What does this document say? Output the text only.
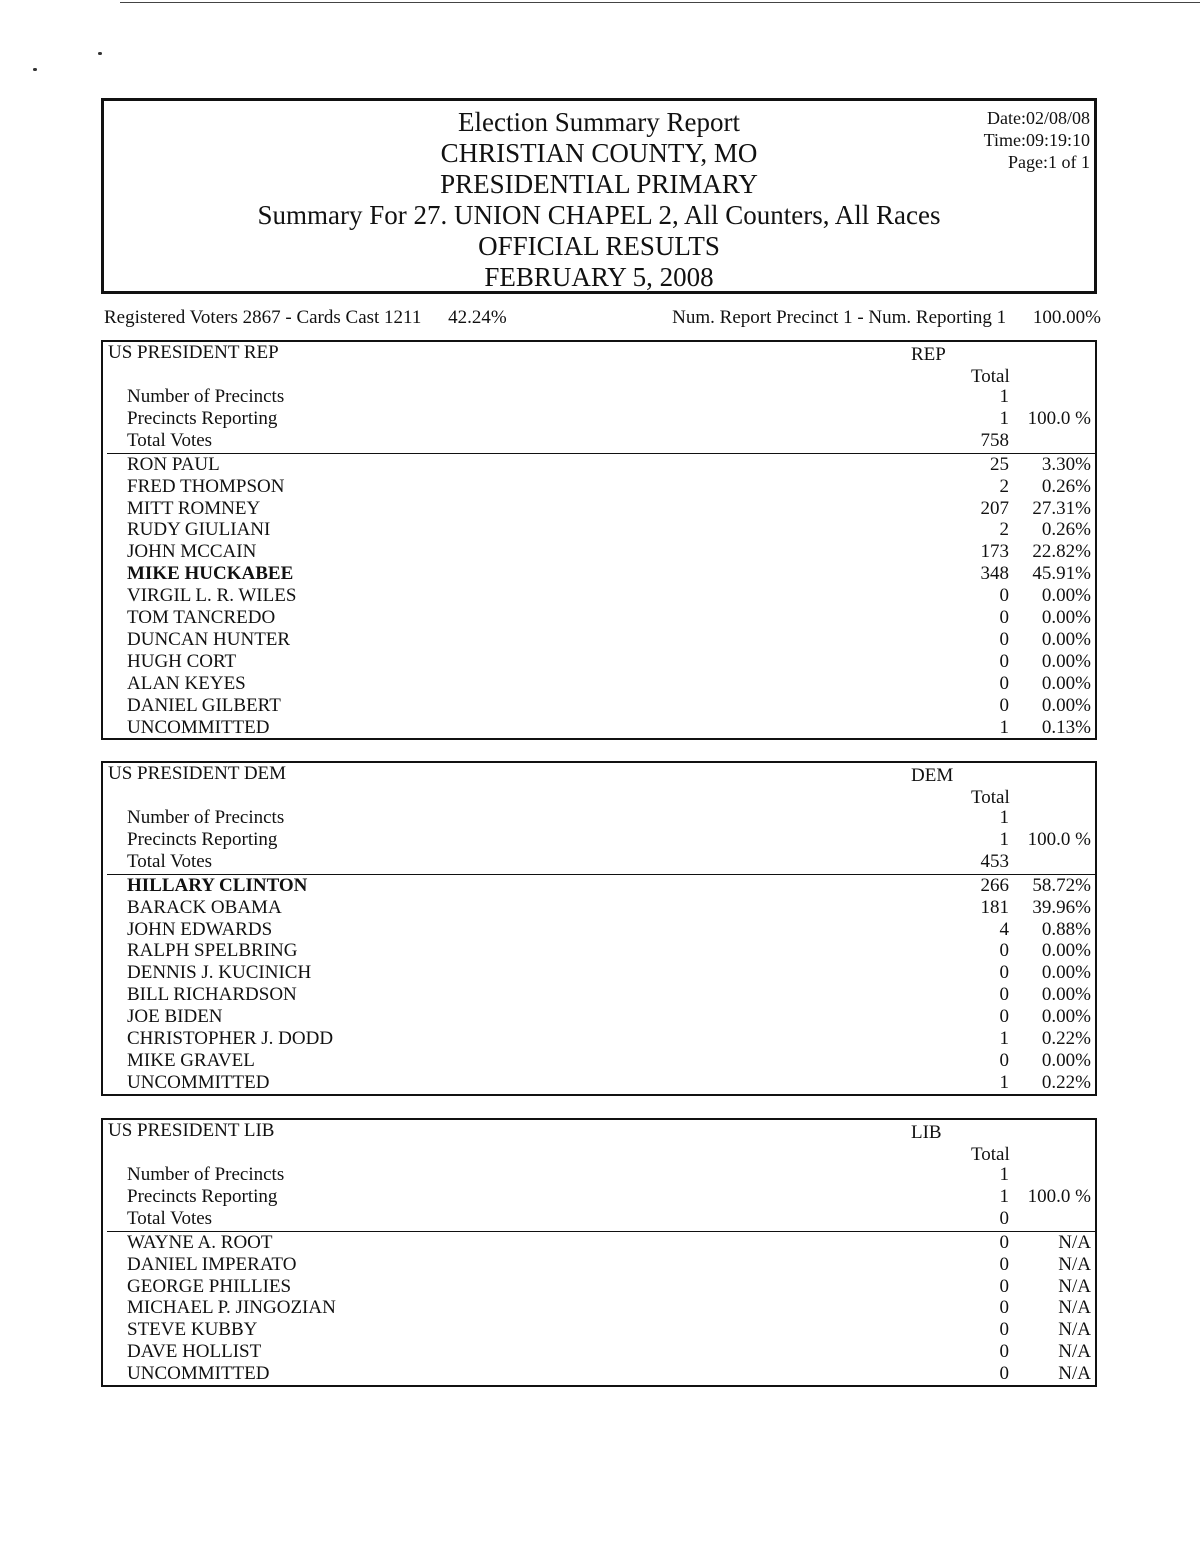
Election Summary Report
CHRISTIAN COUNTY, MO
PRESIDENTIAL PRIMARY
Summary For 27. UNION CHAPEL 2, All Counters, All Races
OFFICIAL RESULTS
FEBRUARY 5, 2008
Date:02/08/08
Time:09:19:10
Page:1 of 1
Registered Voters 2867 - Cards Cast 1211 42.24%	Num. Report Precinct 1 - Num. Reporting 1 100.00%
US PRESIDENT REP	REP
Total
Number of Precincts	1
Precincts Reporting	1 100.0 %
Total Votes	758
RON PAUL	25 3.30%
FRED THOMPSON	2 0.26%
MITT ROMNEY	207 27.31%
RUDY GIULIANI	2 0.26%
JOHN MCCAIN	173 22.82%
MIKE HUCKABEE	348 45.91%
VIRGIL L. R. WILES	0 0.00%
TOM TANCREDO	0 0.00%
DUNCAN HUNTER	0 0.00%
HUGH CORT	0 0.00%
ALAN KEYES	0 0.00%
DANIEL GILBERT	0 0.00%
UNCOMMITTED	1 0.13%
US PRESIDENT DEM	DEM
Total
Number of Precincts	1
Precincts Reporting	1 100.0 %
Total Votes	453
HILLARY CLINTON	266 58.72%
BARACK OBAMA	181 39.96%
JOHN EDWARDS	4 0.88%
RALPH SPELBRING	0 0.00%
DENNIS J. KUCINICH	0 0.00%
BILL RICHARDSON	0 0.00%
JOE BIDEN	0 0.00%
CHRISTOPHER J. DODD	1 0.22%
MIKE GRAVEL	0 0.00%
UNCOMMITTED	1 0.22%
US PRESIDENT LIB	LIB
Total
Number of Precincts	1
Precincts Reporting	1 100.0 %
Total Votes	0
WAYNE A. ROOT	0	N/A
DANIEL IMPERATO	0	N/A
GEORGE PHILLIES	0	N/A
MICHAEL P. JINGOZIAN	0	N/A
STEVE KUBBY	0	N/A
DAVE HOLLIST	0	N/A
UNCOMMITTED	0	N/A
